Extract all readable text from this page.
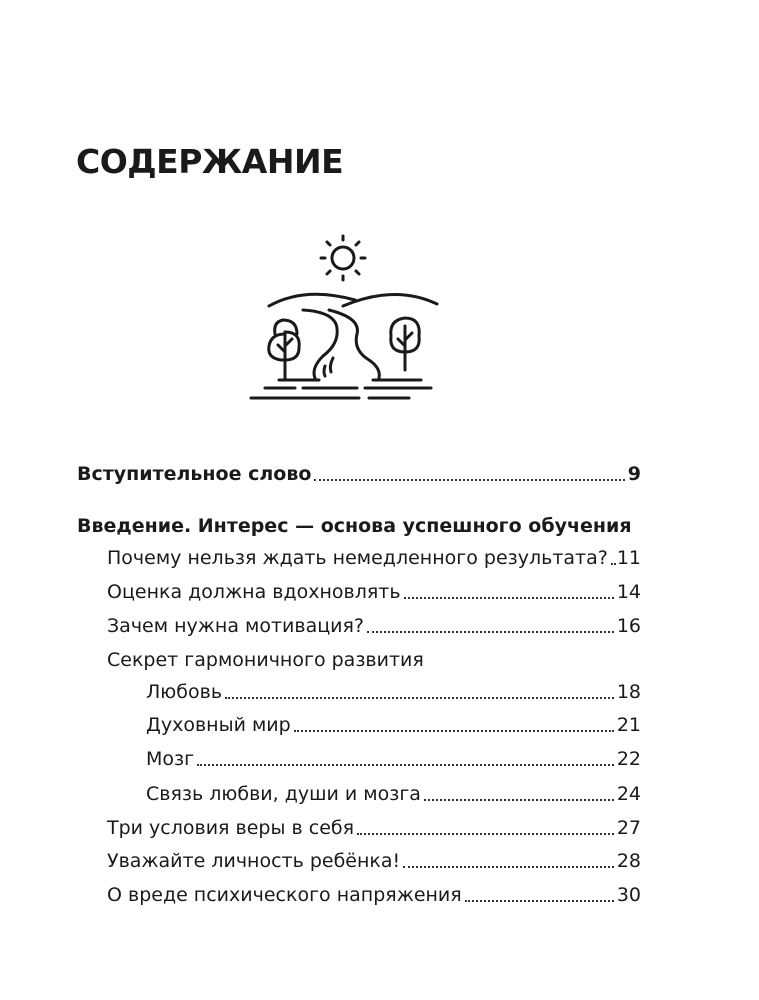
СОДЕРЖАНИЕ
Вступительное слово	9
Введение. Интерес — основа успешного обучения
Почему нельзя ждать немедленного результата? 11
Оценка должна вдохновлять	14
Зачем нужна мотивация?	16
Секрет гармоничного развития
Любовь	18
Духовный мир	21
Мозг	22
Связь любви, души и мозга	24
Три условия веры в себя	27
Уважайте личность ребёнка!	28
О вреде психического напряжения	30
